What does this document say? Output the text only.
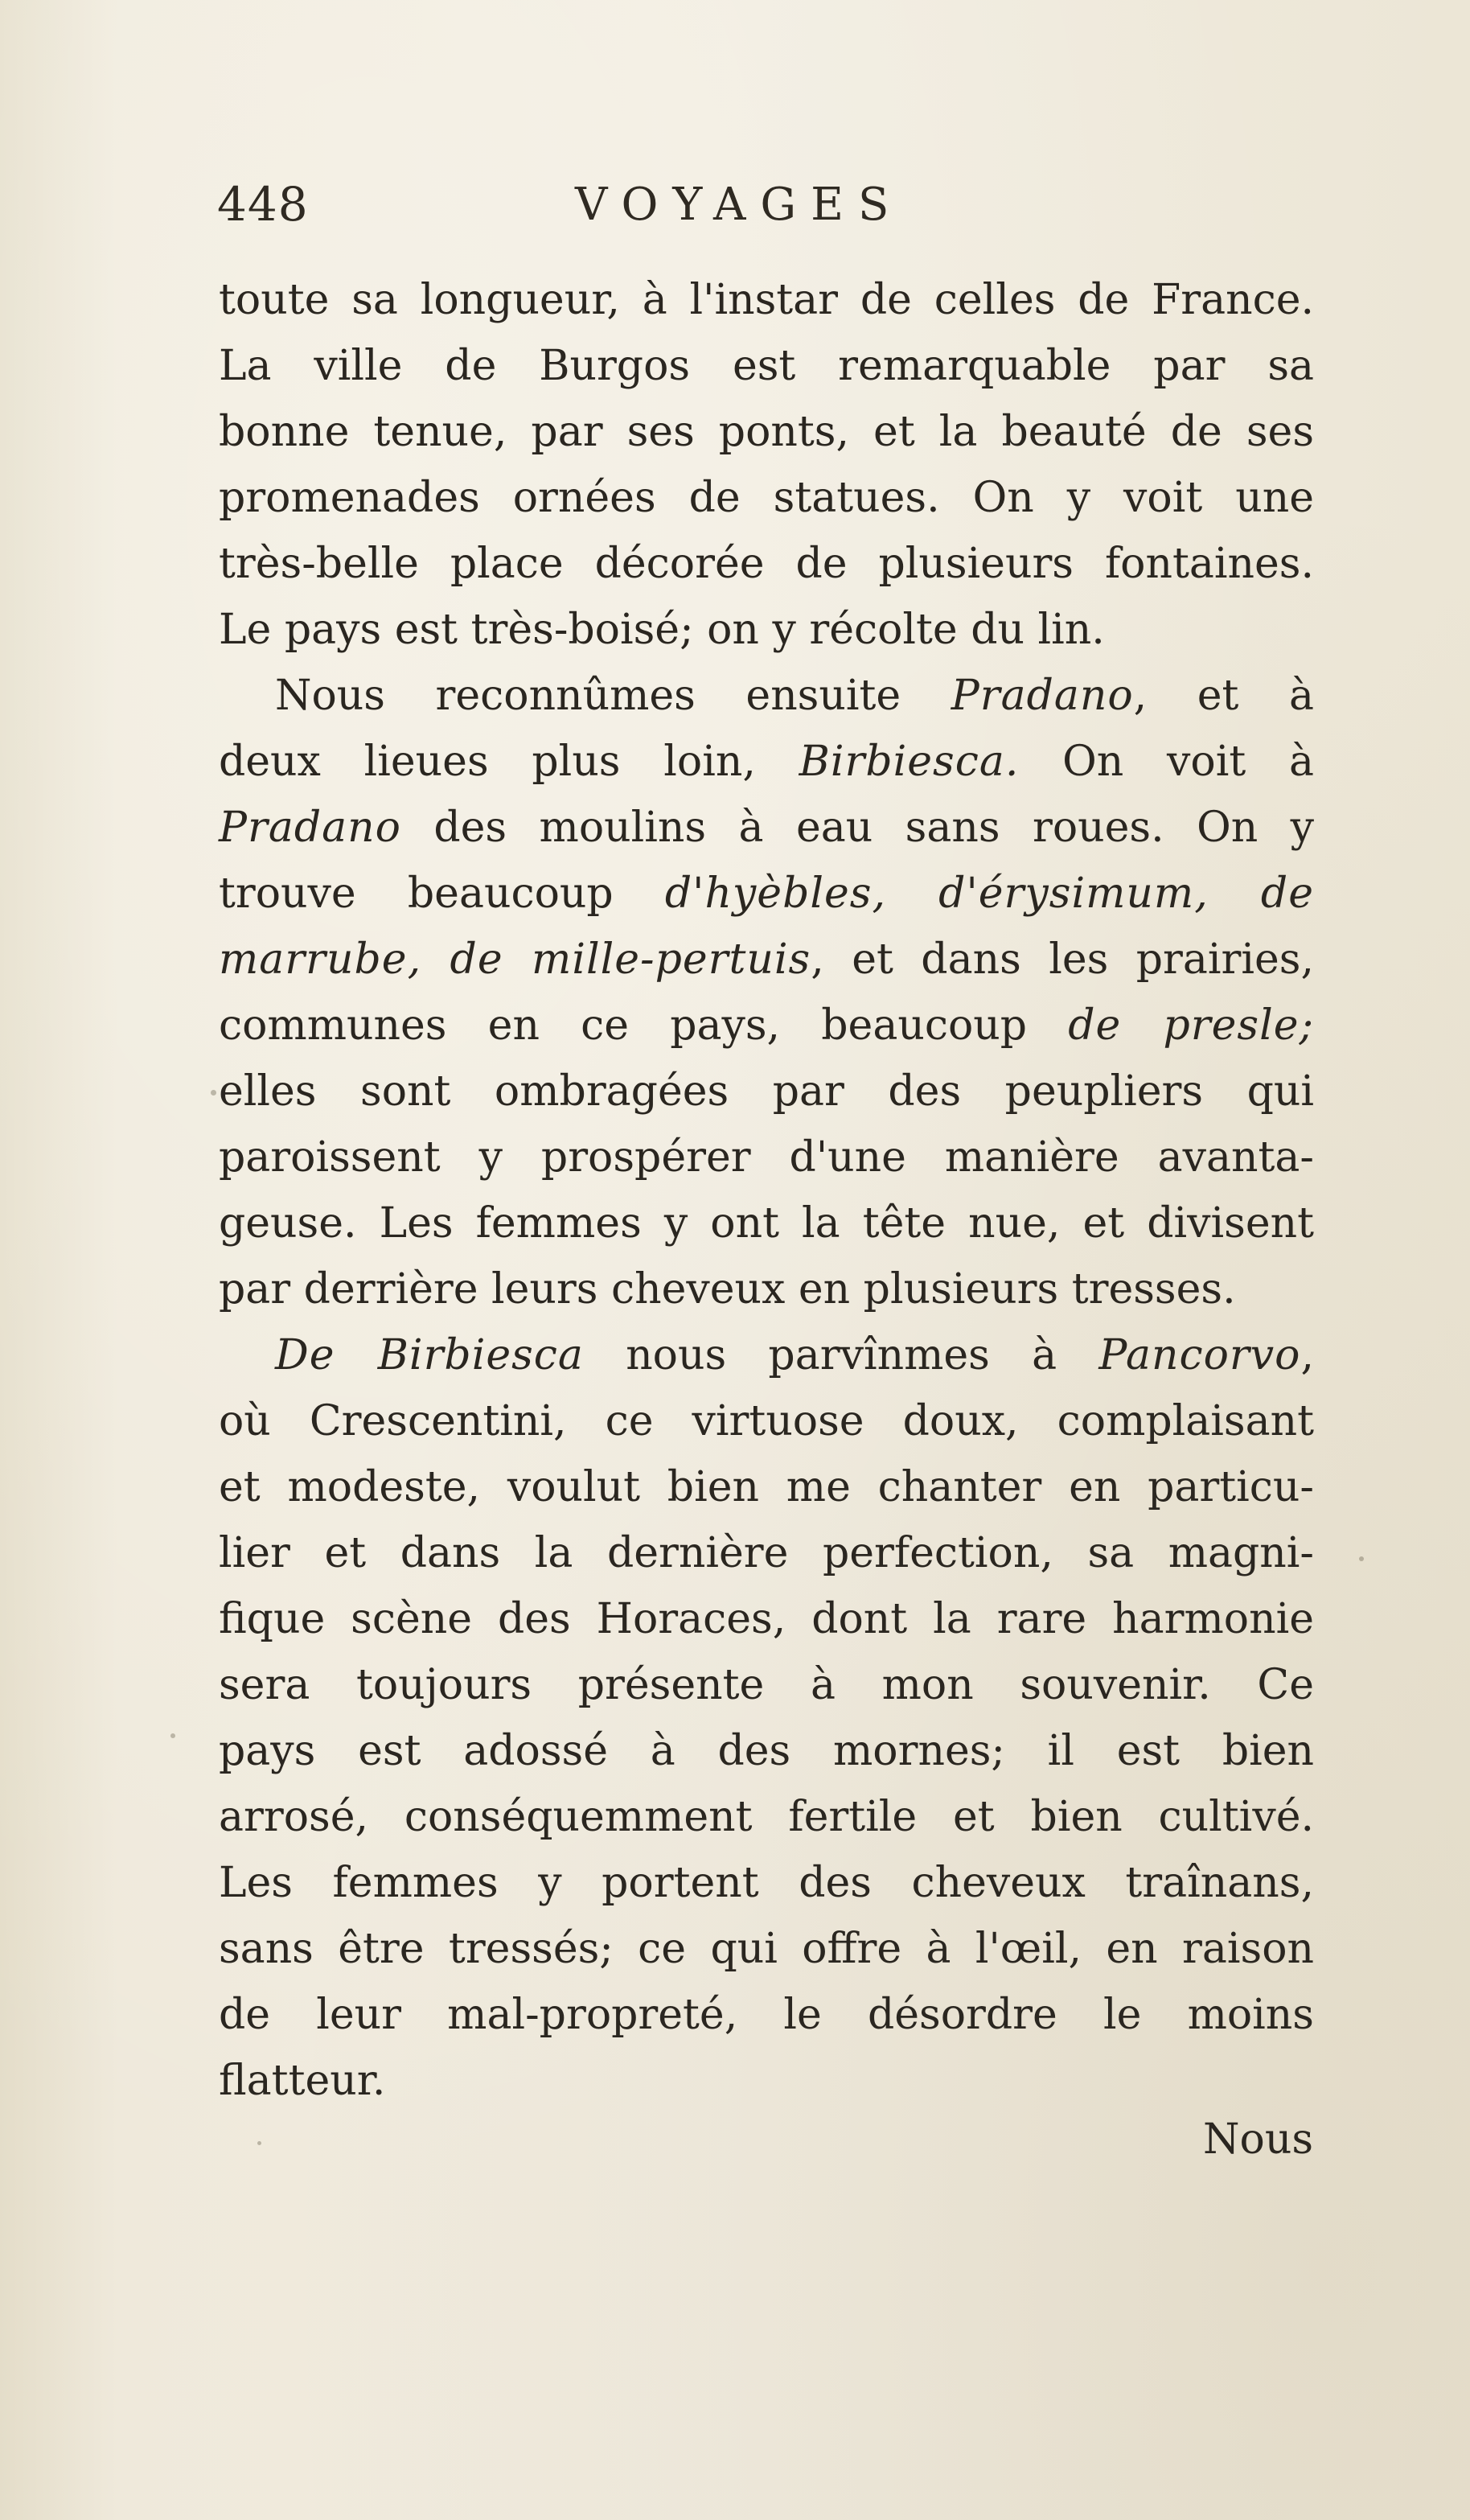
448	VOYAGES
toute sa longueur, à l'instar de celles de France.
La ville de Burgos est remarquable par sa
bonne tenue, par ses ponts, et la beauté de ses
promenades ornées de statues. On y voit une
très-belle place décorée de plusieurs fontaines.
Le pays est très-boisé; on y récolte du lin.
Nous reconnûmes ensuite Pradano, et à
deux lieues plus loin, Birbiesca. On voit à
Pradano des moulins à eau sans roues. On y
trouve beaucoup d'hyèbles, d'érysimum, de
marrube, de mille-pertuis, et dans les prairies,
communes en ce pays, beaucoup de presle;
elles sont ombragées par des peupliers qui
paroissent y prospérer d'une manière avanta-
geuse. Les femmes y ont la tête nue, et divisent
par derrière leurs cheveux en plusieurs tresses.
De Birbiesca nous parvînmes à Pancorvo,
où Crescentini, ce virtuose doux, complaisant
et modeste, voulut bien me chanter en particu-
lier et dans la dernière perfection, sa magni-
fique scène des Horaces, dont la rare harmonie
sera toujours présente à mon souvenir. Ce
pays est adossé à des mornes; il est bien
arrosé, conséquemment fertile et bien cultivé.
Les femmes y portent des cheveux traînans,
sans être tressés; ce qui offre à l'œil, en raison
de leur mal-propreté, le désordre le moins
flatteur.
Nous
